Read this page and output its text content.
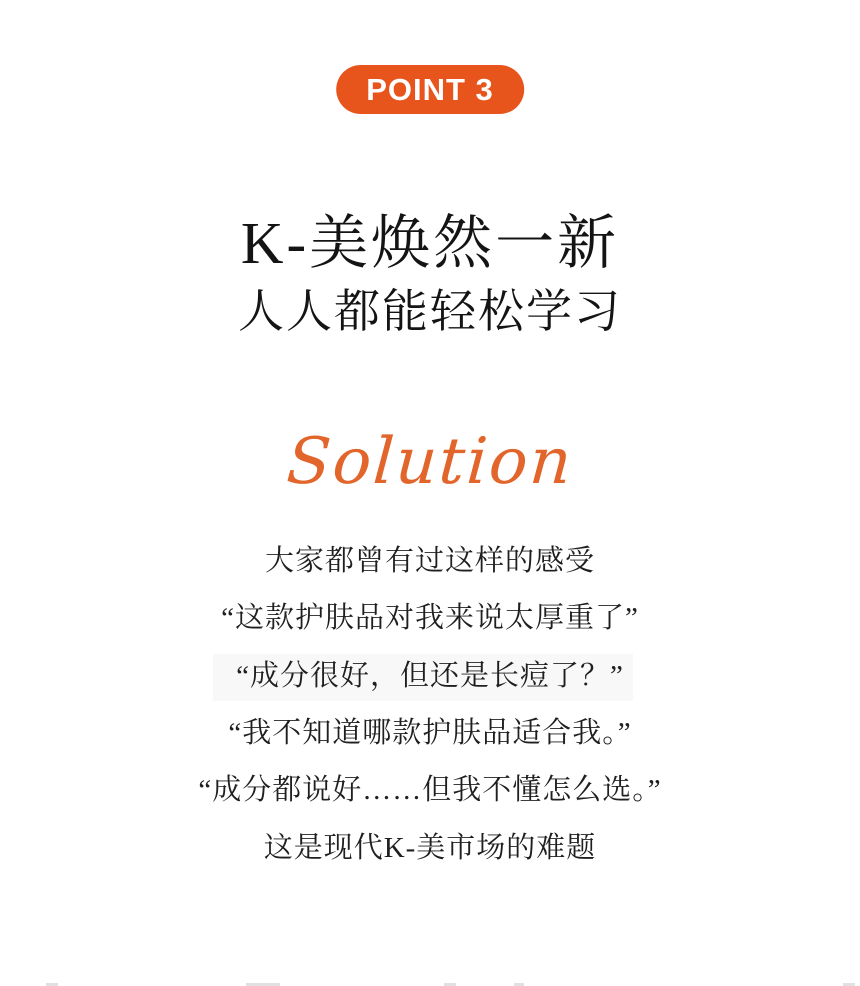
POINT 3
K-美焕然一新
人人都能轻松学习
Solution
大家都曾有过这样的感受
“这款护肤品对我来说太厚重了”
“成分很好，但还是长痘了？”
“我不知道哪款护肤品适合我。”
“成分都说好……但我不懂怎么选。”
这是现代K-美市场的难题
